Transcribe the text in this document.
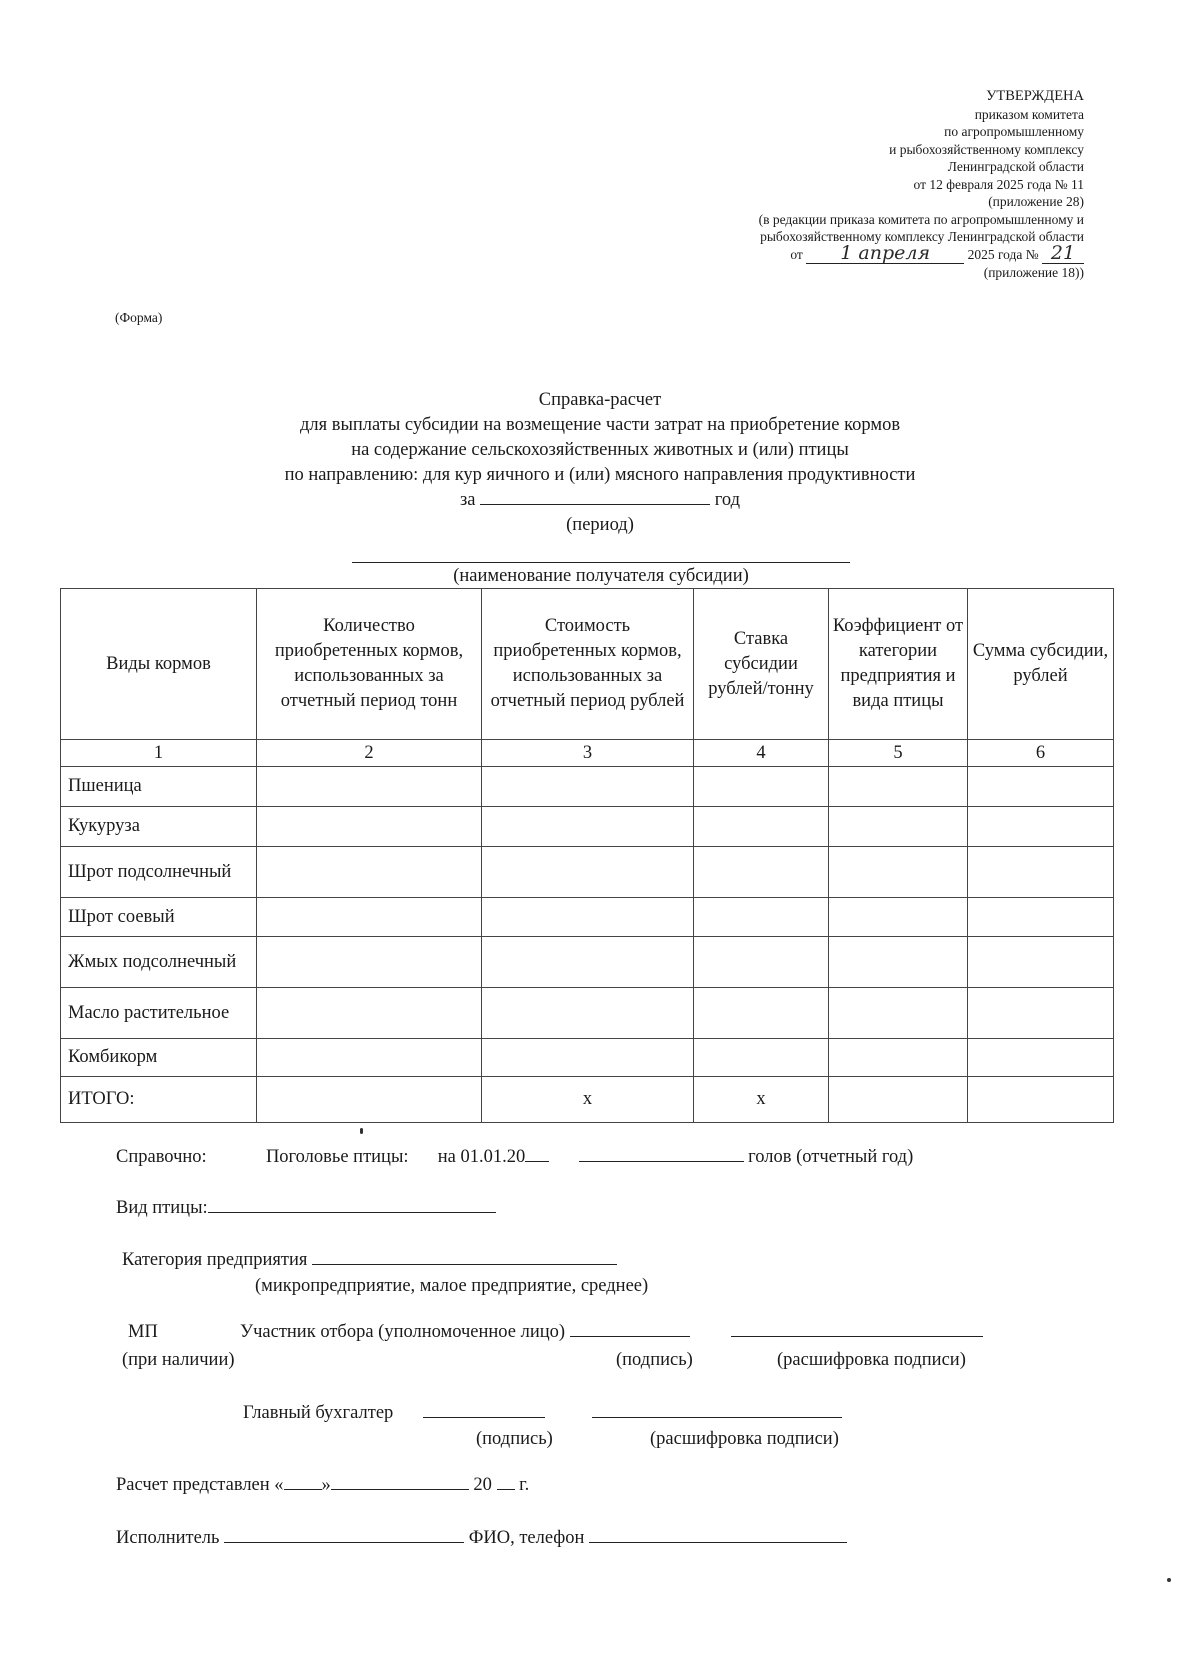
УТВЕРЖДЕНА
приказом комитета
по агропромышленному
и рыбохозяйственному комплексу
Ленинградской области
от 12 февраля 2025 года № 11
(приложение 28)
(в редакции приказа комитета по агропромышленному и
рыбохозяйственному комплексу Ленинградской области
от 1 апреля	2025 года № 21
(приложение 18))
(Форма)
Справка-расчет
для выплаты субсидии на возмещение части затрат на приобретение кормов
на содержание сельскохозяйственных животных и (или) птицы
по направлению: для кур яичного и (или) мясного направления продуктивности
за	год
(период)
(наименование получателя субсидии)
Виды кормов	Количество приобретенных кормов, использованных за отчетный период тонн	Стоимость приобретенных кормов, использованных за отчетный период рублей	Ставка субсидии рублей/тонну	Коэффициент от категории предприятия и вида птицы	Сумма субсидии, рублей
1	2	3	4	5	6
Пшеница					
Кукуруза					
Шрот подсолнечный					
Шрот соевый					
Жмых подсолнечный					
Масло растительное					
Комбикорм					
ИТОГО:		x	x		
Справочно:	Поголовье птицы: на 01.01.20	голов (отчетный год)
Вид птицы:
Категория предприятия
(микропредприятие, малое предприятие, среднее)
МП	Участник отбора (уполномоченное лицо)
(при наличии)	(подпись)	(расшифровка подписи)
Главный бухгалтер
(подпись)	(расшифровка подписи)
Расчет представлен « »	20 г.
Исполнитель	ФИО, телефон
